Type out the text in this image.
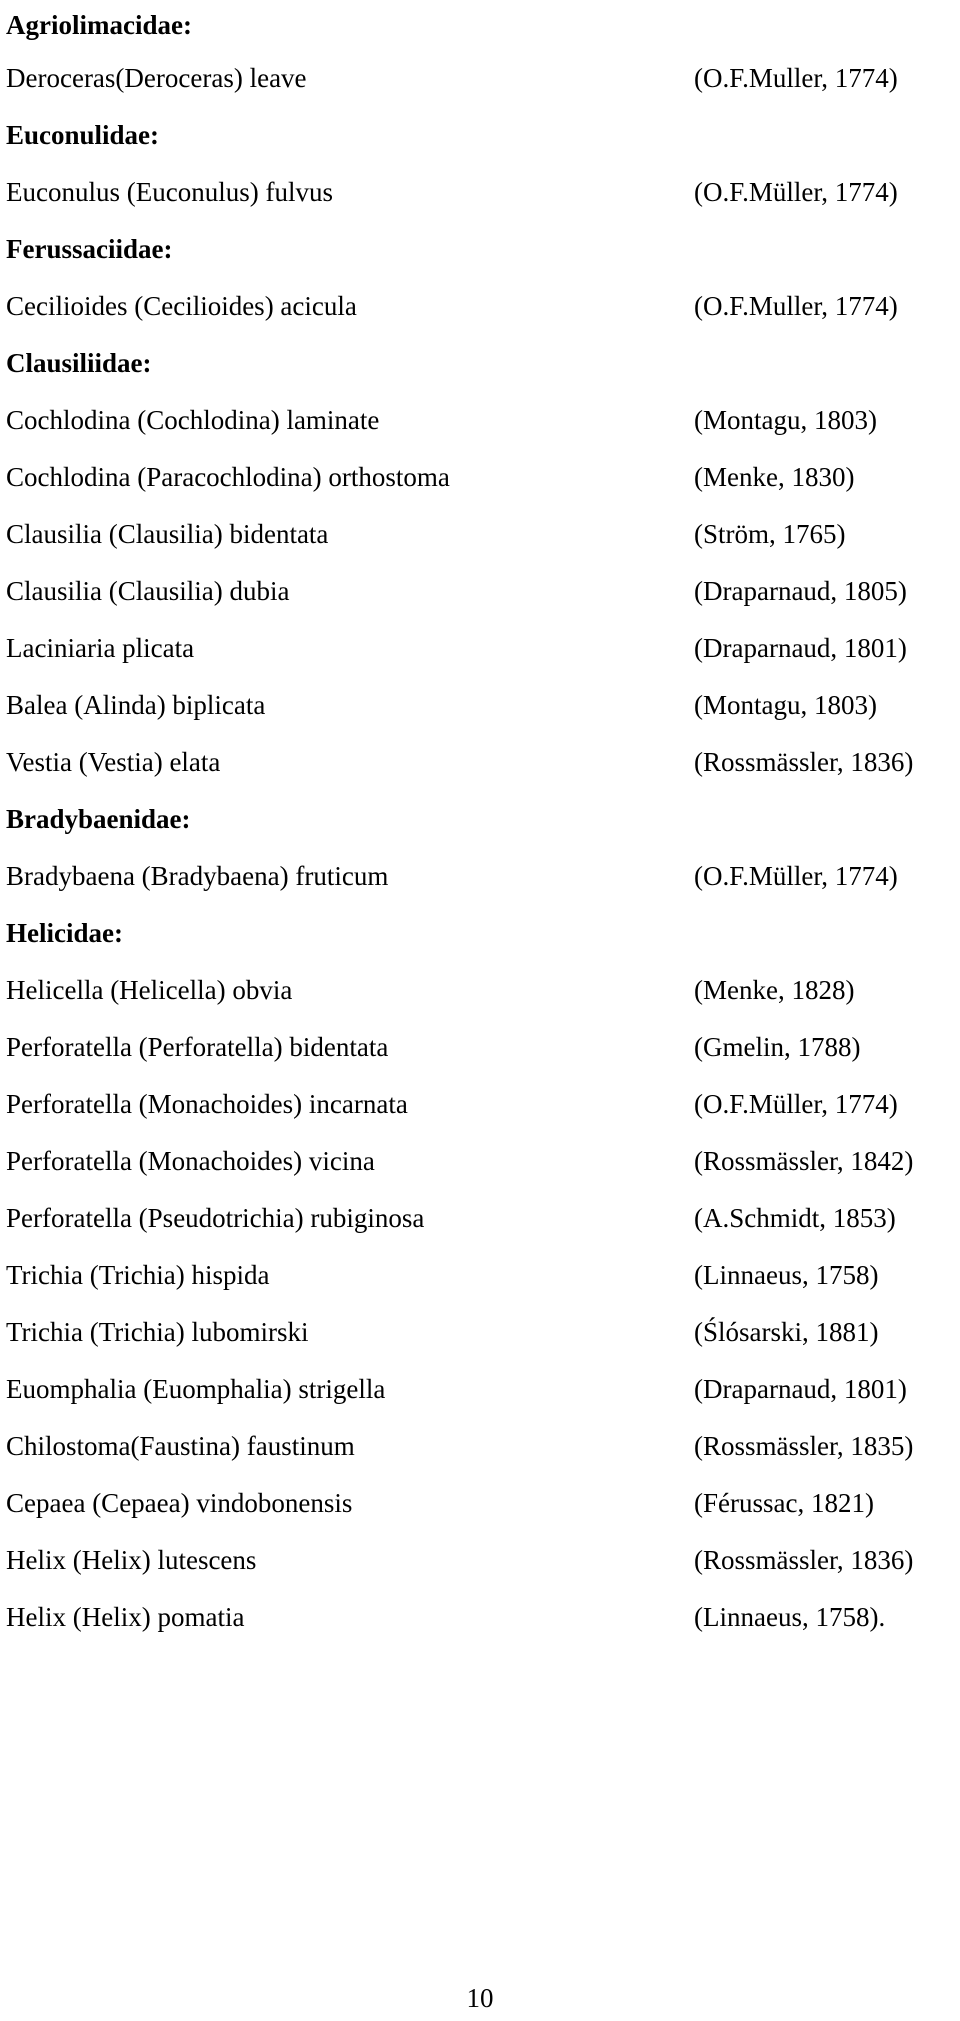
Agriolimacidae:
Deroceras(Deroceras) leave	(O.F.Muller, 1774)
Euconulidae:
Euconulus (Euconulus) fulvus	(O.F.Müller, 1774)
Ferussaciidae:
Cecilioides (Cecilioides) acicula	(O.F.Muller, 1774)
Clausiliidae:
Cochlodina (Cochlodina) laminate	(Montagu, 1803)
Cochlodina (Paracochlodina) orthostoma	(Menke, 1830)
Clausilia (Clausilia) bidentata	(Ström, 1765)
Clausilia (Clausilia) dubia	(Draparnaud, 1805)
Laciniaria plicata	(Draparnaud, 1801)
Balea (Alinda) biplicata	(Montagu, 1803)
Vestia (Vestia) elata	(Rossmässler, 1836)
Bradybaenidae:
Bradybaena (Bradybaena) fruticum	(O.F.Müller, 1774)
Helicidae:
Helicella (Helicella) obvia	(Menke, 1828)
Perforatella (Perforatella) bidentata	(Gmelin, 1788)
Perforatella (Monachoides) incarnata	(O.F.Müller, 1774)
Perforatella (Monachoides) vicina	(Rossmässler, 1842)
Perforatella (Pseudotrichia) rubiginosa	(A.Schmidt, 1853)
Trichia (Trichia) hispida	(Linnaeus, 1758)
Trichia (Trichia) lubomirski	(Ślósarski, 1881)
Euomphalia (Euomphalia) strigella	(Draparnaud, 1801)
Chilostoma(Faustina) faustinum	(Rossmässler, 1835)
Cepaea (Cepaea) vindobonensis	(Férussac, 1821)
Helix (Helix) lutescens	(Rossmässler, 1836)
Helix (Helix) pomatia	(Linnaeus, 1758).
10
